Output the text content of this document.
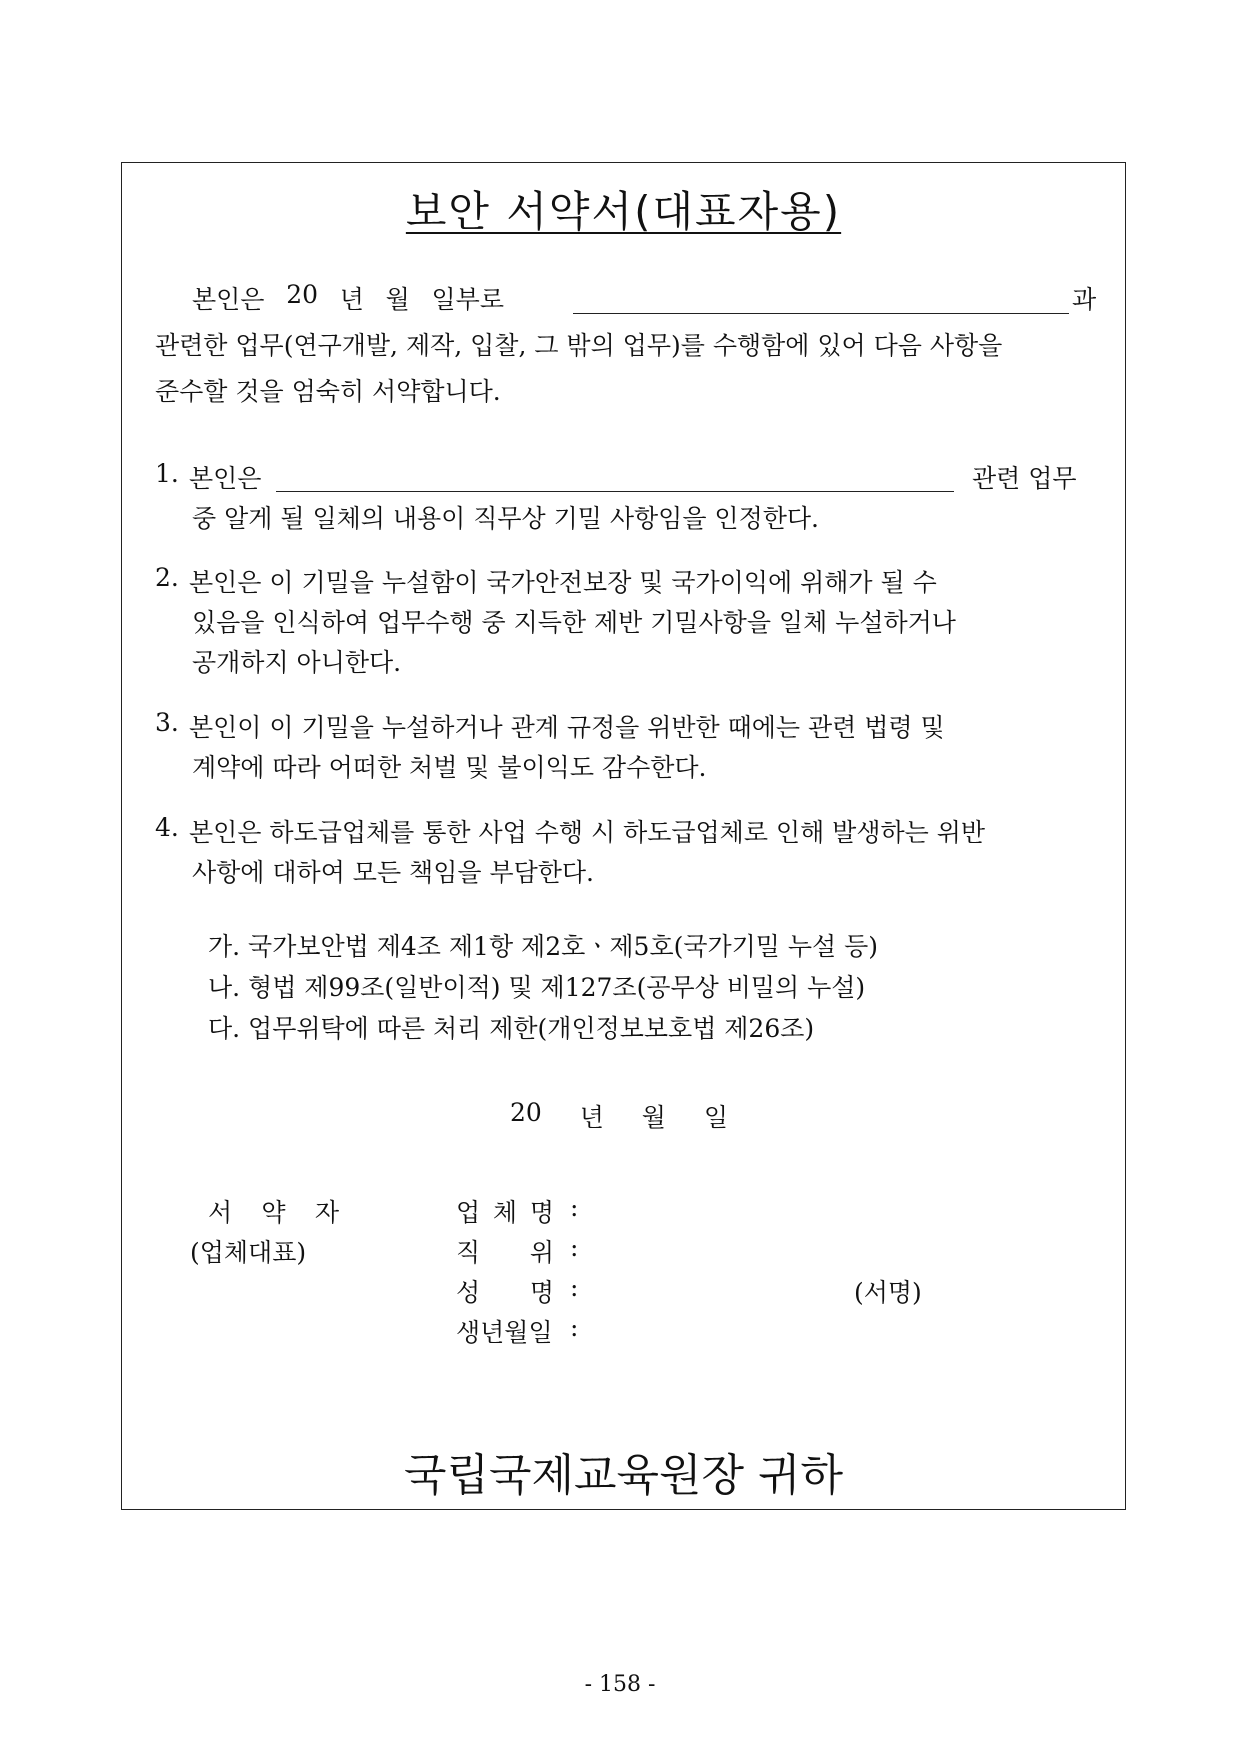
보안 서약서(대표자용)
본인은 20 년 월 일부로	과
관련한 업무(연구개발, 제작, 입찰, 그 밖의 업무)를 수행함에 있어 다음 사항을
준수할 것을 엄숙히 서약합니다.
1. 본인은	관련 업무
중 알게 될 일체의 내용이 직무상 기밀 사항임을 인정한다.
2. 본인은 이 기밀을 누설함이 국가안전보장 및 국가이익에 위해가 될 수
있음을 인식하여 업무수행 중 지득한 제반 기밀사항을 일체 누설하거나
공개하지 아니한다.
3. 본인이 이 기밀을 누설하거나 관계 규정을 위반한 때에는 관련 법령 및
계약에 따라 어떠한 처벌 및 불이익도 감수한다.
4. 본인은 하도급업체를 통한 사업 수행 시 하도급업체로 인해 발생하는 위반
사항에 대하여 모든 책임을 부담한다.
가. 국가보안법 제4조 제1항 제2호ㆍ제5호(국가기밀 누설 등)
나. 형법 제99조(일반이적) 및 제127조(공무상 비밀의 누설)
다. 업무위탁에 따른 처리 제한(개인정보보호법 제26조)
20 년 월 일
서 약 자
(업체대표)
업 체 명 :
직 위 :
성 명 :	(서명)
생년월일 :
국립국제교육원장 귀하
- 158 -
